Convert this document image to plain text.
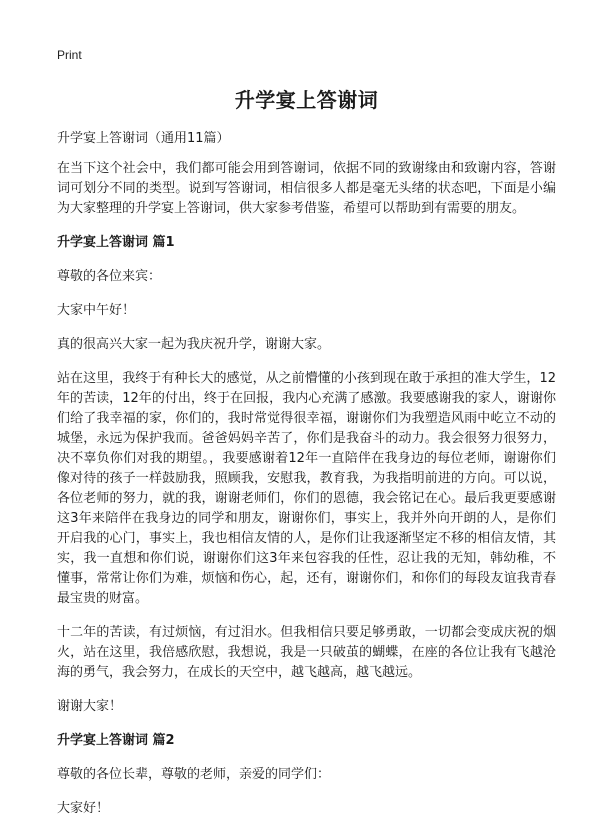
Print
升学宴上答谢词

升学宴上答谢词（通用11篇）

在当下这个社会中，我们都可能会用到答谢词，依据不同的致谢缘由和致谢内容，答谢词可划分不同的类型。说到写答谢词，相信很多人都是毫无头绪的状态吧，下面是小编为大家整理的升学宴上答谢词，供大家参考借鉴，希望可以帮助到有需要的朋友。

升学宴上答谢词 篇1

尊敬的各位来宾：

大家中午好！

真的很高兴大家一起为我庆祝升学，谢谢大家。

站在这里，我终于有种长大的感觉，从之前懵懂的小孩到现在敢于承担的准大学生，12年的苦读，12年的付出，终于在回报，我内心充满了感激。我要感谢我的家人，谢谢你们给了我幸福的家，你们的，我时常觉得很幸福，谢谢你们为我塑造风雨中屹立不动的城堡，永远为保护我而。爸爸妈妈辛苦了，你们是我奋斗的动力。我会很努力很努力，决不辜负你们对我的期望。，我要感谢着12年一直陪伴在我身边的每位老师，谢谢你们像对待的孩子一样鼓励我，照顾我，安慰我，教育我，为我指明前进的方向。可以说，各位老师的努力，就的我，谢谢老师们，你们的恩德，我会铭记在心。最后我更要感谢这3年来陪伴在我身边的同学和朋友，谢谢你们，事实上，我并外向开朗的人，是你们开启我的心门，事实上，我也相信友情的人，是你们让我逐渐坚定不移的相信友情，其实，我一直想和你们说，谢谢你们这3年来包容我的任性，忍让我的无知，韩幼稚，不懂事，常常让你们为难，烦恼和伤心，起，还有，谢谢你们，和你们的每段友谊我青春最宝贵的财富。

十二年的苦读，有过烦恼，有过泪水。但我相信只要足够勇敢，一切都会变成庆祝的烟火，站在这里，我倍感欣慰，我想说，我是一只破茧的蝴蝶，在座的各位让我有飞越沧海的勇气，我会努力，在成长的天空中，越飞越高，越飞越远。

谢谢大家！

升学宴上答谢词 篇2

尊敬的各位长辈，尊敬的老师，亲爱的同学们：

大家好！
